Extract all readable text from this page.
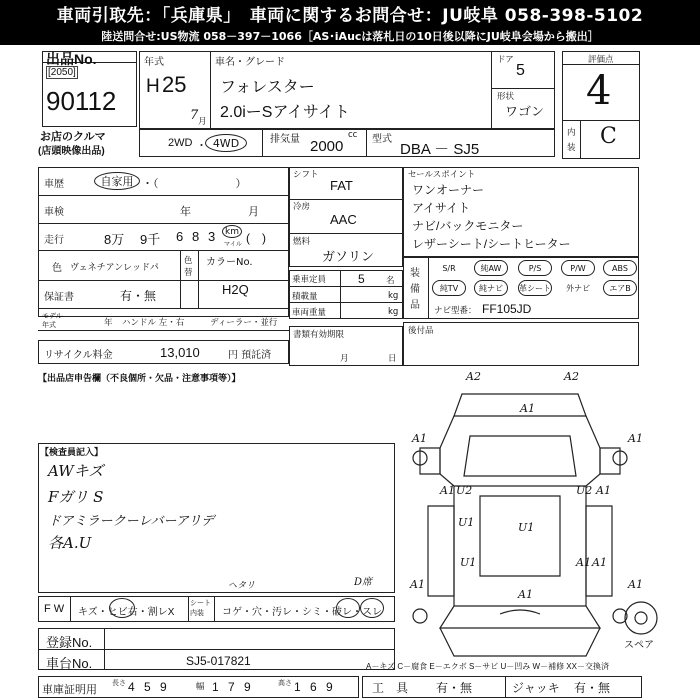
車両引取先：「兵庫県」　車両に関するお問合せ：JU岐阜 058-398-5102
陸送問合せ:US物流 058－397－1066［AS･iAucは落札日の10日後以降にJU岐阜会場から搬出］
出品No.
[2050]
90112
お店のクルマ
(店頭映像出品)
年式
H 25
7 月
車名・グレード
フォレスター
2.0iーSアイサイト
ドア
5
形状
ワゴン
評価点
4
内
装 C
2WD ・ 4WD	排気量	cc
2000	型式
DBA － SJ5
車歴	自家用 ・（　　　　　　　）
車検	年	月
走行	8万 9千 6 8 3	km
マイル (　)
色 ヴェネチアンレッドパ
色
替
カラーNo.
H2Q
保証書	有・無
モデル
年式	年 ハンドル 左・右	ディーラー・並行
リサイクル料金	13,010	円 預託済
シフト
FAT
冷房
AAC
燃料
ガソリン
乗車定員	5	名
積載量	kg
車両重量	kg
書類有効期限
月	日
セールスポイント
ワンオーナー
アイサイト
ナビ/バックモニター
レザーシート/シートヒーター
装
備
品
S/R	純AW	P/S	P/W	ABS
純TV	純ナビ	革シート	外ナビ	エアB
ナビ型番： FF105JD
後付品
【出品店申告欄（不良個所・欠品・注意事項等）】
【検査員記入】
AWキズ
Fガリ S
ドアミラークーレバーアリデ
各A.U
ヘタリ	D席
F W キズ・ヒビ右・割レX
シート
内装 コゲ・穴・汚レ・シミ・破レ・スレ
登録No.
車台No.	SJ5-017821
車庫証明用
長さ 4 5 9	幅 1 7 9	高さ 1 6 9	工　具 有・無	ジャッキ 有・無
A－キズ C－腐食 E－エクボ S－サビ U－凹み W－補修 XX－交換済
A2	A2
A1
A1	A1
A1	A1
U2	U2
U1	U1
U1	A1 A1
A1	A1
A1
スペア
